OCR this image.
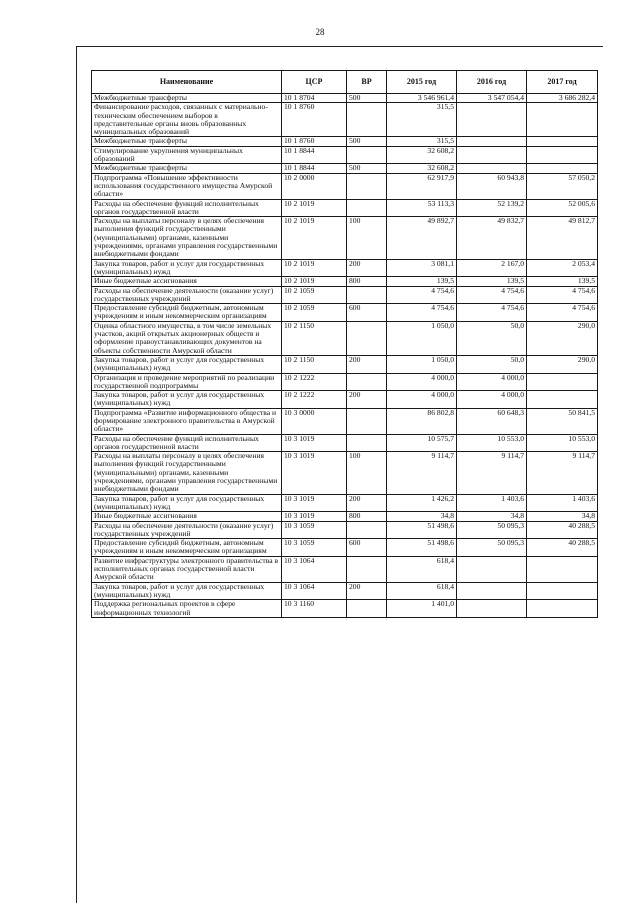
28
Наименование	ЦСР	ВР	2015 год	2016 год	2017 год
Межбюджетные трансферты	10 1 8704	500	3 546 961,4	3 547 054,4	3 686 282,4
Финансирование расходов, связанных с материально-техническим обеспечением выборов в представительные органы вновь образованных муниципальных образований	10 1 8760		315,5		
Межбюджетные трансферты	10 1 8760	500	315,5		
Стимулирование укрупнения муниципальных образований	10 1 8844		32 608,2		
Межбюджетные трансферты	10 1 8844	500	32 608,2		
Подпрограмма «Повышение эффективности использования государственного имущества Амурской области»	10 2 0000		62 917,9	60 943,8	57 050,2
Расходы на обеспечение функций исполнительных органов государственной власти	10 2 1019		53 113,3	52 139,2	52 005,6
Расходы на выплаты персоналу в целях обеспечения выполнения функций государственными (муниципальными) органами, казенными учреждениями, органами управления государственными внебюджетными фондами	10 2 1019	100	49 892,7	49 832,7	49 812,7
Закупка товаров, работ и услуг для государственных (муниципальных) нужд	10 2 1019	200	3 081,1	2 167,0	2 053,4
Иные бюджетные ассигнования	10 2 1019	800	139,5	139,5	139,5
Расходы на обеспечение деятельности (оказание услуг) государственных учреждений	10 2 1059		4 754,6	4 754,6	4 754,6
Предоставление субсидий бюджетным, автономным учреждениям и иным некоммерческим организациям	10 2 1059	600	4 754,6	4 754,6	4 754,6
Оценка областного имущества, в том числе земельных участков, акций открытых акционерных обществ и оформление правоустанавливающих документов на объекты собственности Амурской области	10 2 1150		1 050,0	50,0	290,0
Закупка товаров, работ и услуг для государственных (муниципальных) нужд	10 2 1150	200	1 050,0	50,0	290,0
Организация и проведение мероприятий по реализации государственной подпрограммы	10 2 1222		4 000,0	4 000,0	
Закупка товаров, работ и услуг для государственных (муниципальных) нужд	10 2 1222	200	4 000,0	4 000,0	
Подпрограмма «Развитие информационного общества и формирование электронного правительства в Амурской области»	10 3 0000		86 802,8	60 648,3	50 841,5
Расходы на обеспечение функций исполнительных органов государственной власти	10 3 1019		10 575,7	10 553,0	10 553,0
Расходы на выплаты персоналу в целях обеспечения выполнения функций государственными (муниципальными) органами, казенными учреждениями, органами управления государственными внебюджетными фондами	10 3 1019	100	9 114,7	9 114,7	9 114,7
Закупка товаров, работ и услуг для государственных (муниципальных) нужд	10 3 1019	200	1 426,2	1 403,6	1 403,6
Иные бюджетные ассигнования	10 3 1019	800	34,8	34,8	34,8
Расходы на обеспечение деятельности (оказание услуг) государственных учреждений	10 3 1059		51 498,6	50 095,3	40 288,5
Предоставление субсидий бюджетным, автономным учреждениям и иным некоммерческим организациям	10 3 1059	600	51 498,6	50 095,3	40 288,5
Развитие инфраструктуры электронного правительства в исполнительных органах государственной власти Амурской области	10 3 1064		618,4		
Закупка товаров, работ и услуг для государственных (муниципальных) нужд	10 3 1064	200	618,4		
Поддержка региональных проектов в сфере информационных технологий	10 3 1160		1 401,0		
